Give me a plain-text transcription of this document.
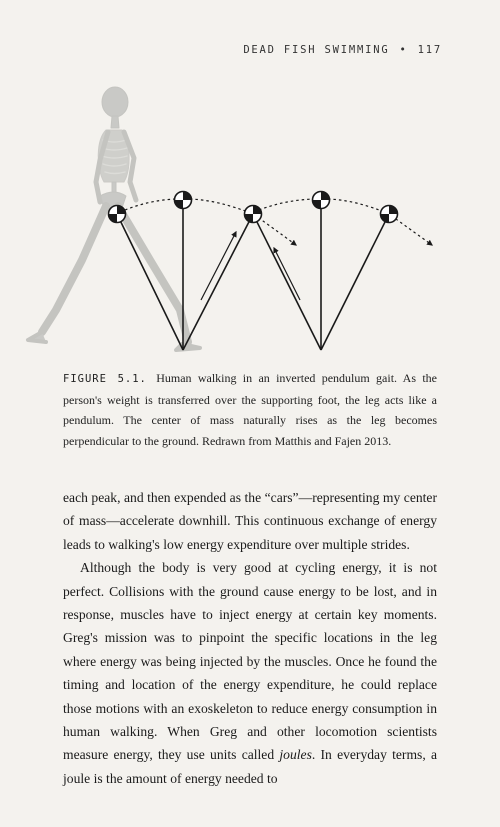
DEAD FISH SWIMMING • 117
FIGURE 5.1. Human walking in an inverted pendulum gait. As the person's weight is transferred over the supporting foot, the leg acts like a pendulum. The center of mass naturally rises as the leg becomes perpendicular to the ground. Redrawn from Matthis and Fajen 2013.

each peak, and then expended as the “cars”—representing my center of mass—accelerate downhill. This continuous exchange of energy leads to walking's low energy expenditure over multiple strides.

Although the body is very good at cycling energy, it is not perfect. Collisions with the ground cause energy to be lost, and in response, muscles have to inject energy at certain key moments. Greg's mission was to pinpoint the specific locations in the leg where energy was being injected by the muscles. Once he found the timing and location of the energy expenditure, he could replace those motions with an exoskeleton to reduce energy consumption in human walking. When Greg and other locomotion scientists measure energy, they use units called joules. In everyday terms, a joule is the amount of energy needed to
